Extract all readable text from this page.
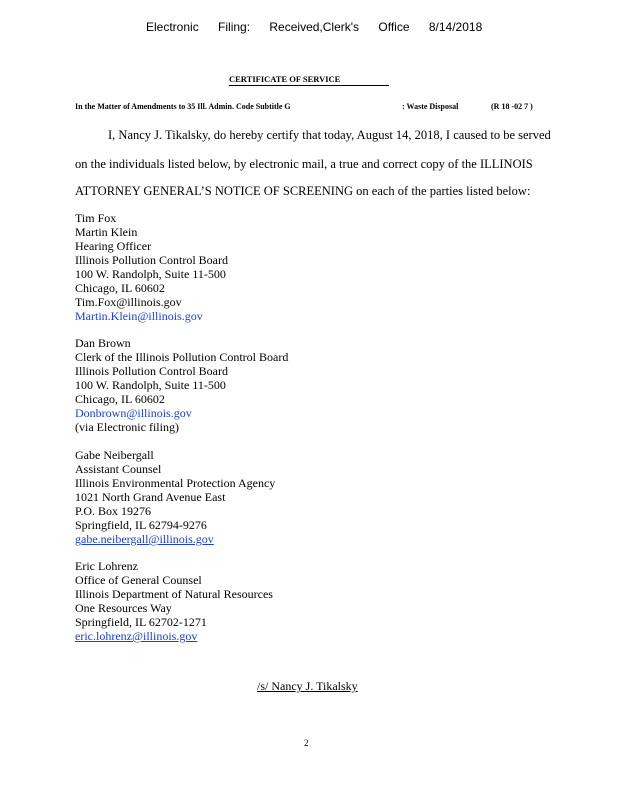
Electronic Filing: Received,Clerk's Office 8/14/2018
CERTIFICATE OF SERVICE
In the Matter of Amendments to 35 Ill. Admin. Code Subtitle G	: Waste Disposal	(R 18 -02 7 )
I, Nancy J. Tikalsky, do hereby certify that today, August 14, 2018, I caused to be served
on the individuals listed below, by electronic mail, a true and correct copy of the ILLINOIS
ATTORNEY GENERAL’S NOTICE OF SCREENING on each of the parties listed below:
Tim Fox
Martin Klein
Hearing Officer
Illinois Pollution Control Board
100 W. Randolph, Suite 11-500
Chicago, IL 60602
Tim.Fox@illinois.gov
Martin.Klein@illinois.gov
Dan Brown
Clerk of the Illinois Pollution Control Board
Illinois Pollution Control Board
100 W. Randolph, Suite 11-500
Chicago, IL 60602
Donbrown@illinois.gov
(via Electronic filing)
Gabe Neibergall
Assistant Counsel
Illinois Environmental Protection Agency
1021 North Grand Avenue East
P.O. Box 19276
Springfield, IL 62794-9276
gabe.neibergall@illinois.gov
Eric Lohrenz
Office of General Counsel
Illinois Department of Natural Resources
One Resources Way
Springfield, IL 62702-1271
eric.lohrenz@illinois.gov
/s/ Nancy J. Tikalsky
2
